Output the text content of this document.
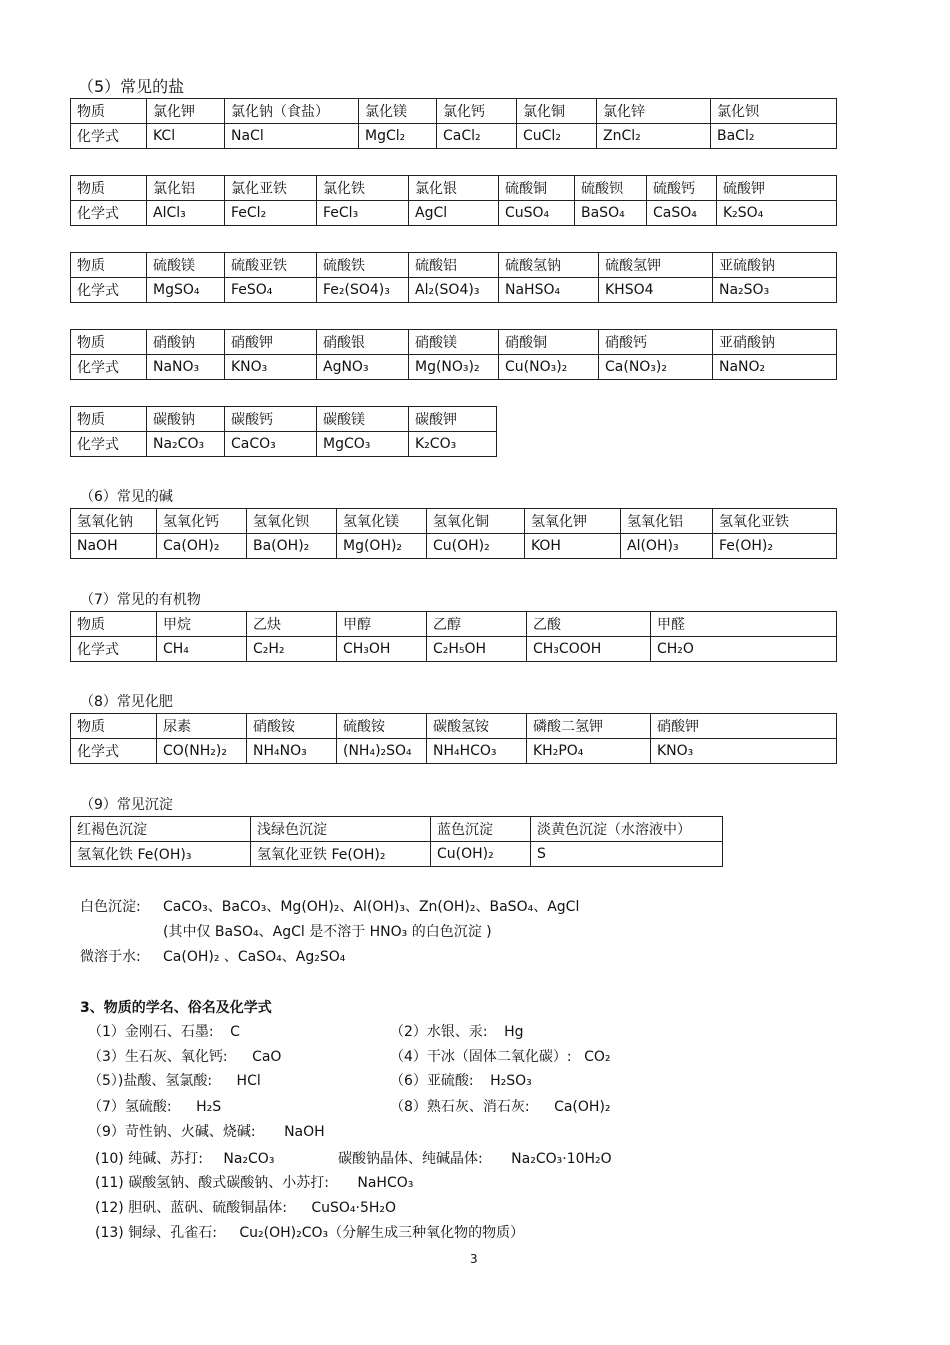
（5）常见的盐
物质	氯化钾	氯化钠（食盐）	氯化镁	氯化钙	氯化铜	氯化锌	氯化钡
化学式	KCl	NaCl	MgCl₂	CaCl₂	CuCl₂	ZnCl₂	BaCl₂
物质	氯化铝	氯化亚铁	氯化铁	氯化银	硫酸铜	硫酸钡	硫酸钙	硫酸钾
化学式	AlCl₃	FeCl₂	FeCl₃	AgCl	CuSO₄	BaSO₄	CaSO₄	K₂SO₄
物质	硫酸镁	硫酸亚铁	硫酸铁	硫酸铝	硫酸氢钠	硫酸氢钾	亚硫酸钠
化学式	MgSO₄	FeSO₄	Fe₂(SO4)₃	Al₂(SO4)₃	NaHSO₄	KHSO4	Na₂SO₃
物质	硝酸钠	硝酸钾	硝酸银	硝酸镁	硝酸铜	硝酸钙	亚硝酸钠
化学式	NaNO₃	KNO₃	AgNO₃	Mg(NO₃)₂	Cu(NO₃)₂	Ca(NO₃)₂	NaNO₂
物质	碳酸钠	碳酸钙	碳酸镁	碳酸钾
化学式	Na₂CO₃	CaCO₃	MgCO₃	K₂CO₃
（6）常见的碱
氢氧化钠	氢氧化钙	氢氧化钡	氢氧化镁	氢氧化铜	氢氧化钾	氢氧化铝	氢氧化亚铁
NaOH	Ca(OH)₂	Ba(OH)₂	Mg(OH)₂	Cu(OH)₂	KOH	Al(OH)₃	Fe(OH)₂
（7）常见的有机物
物质	甲烷	乙炔	甲醇	乙醇	乙酸	甲醛
化学式	CH₄	C₂H₂	CH₃OH	C₂H₅OH	CH₃COOH	CH₂O
（8）常见化肥
物质	尿素	硝酸铵	硫酸铵	碳酸氢铵	磷酸二氢钾	硝酸钾
化学式	CO(NH₂)₂	NH₄NO₃	(NH₄)₂SO₄	NH₄HCO₃	KH₂PO₄	KNO₃
（9）常见沉淀
红褐色沉淀	浅绿色沉淀	蓝色沉淀	淡黄色沉淀（水溶液中）
氢氧化铁 Fe(OH)₃	氢氧化亚铁 Fe(OH)₂	Cu(OH)₂	S
白色沉淀: CaCO₃、BaCO₃、Mg(OH)₂、Al(OH)₃、Zn(OH)₂、BaSO₄、AgCl
(其中仅 BaSO₄、AgCl 是不溶于 HNO₃ 的白色沉淀 )
微溶于水: Ca(OH)₂ 、CaSO₄、Ag₂SO₄
3、物质的学名、俗名及化学式
（1）金刚石、石墨: C	（2）水银、汞: Hg
（3）生石灰、氧化钙: CaO	（4）干冰（固体二氧化碳）: CO₂
（5）)盐酸、氢氯酸: HCl	（6）亚硫酸: H₂SO₃
（7）氢硫酸: H₂S	（8）熟石灰、消石灰: Ca(OH)₂
（9）苛性钠、火碱、烧碱: NaOH
(10) 纯碱、苏打: Na₂CO₃	碳酸钠晶体、纯碱晶体: Na₂CO₃·10H₂O
(11) 碳酸氢钠、酸式碳酸钠、小苏打: NaHCO₃
(12) 胆矾、蓝矾、硫酸铜晶体: CuSO₄·5H₂O
(13) 铜绿、孔雀石: Cu₂(OH)₂CO₃（分解生成三种氧化物的物质）
3
